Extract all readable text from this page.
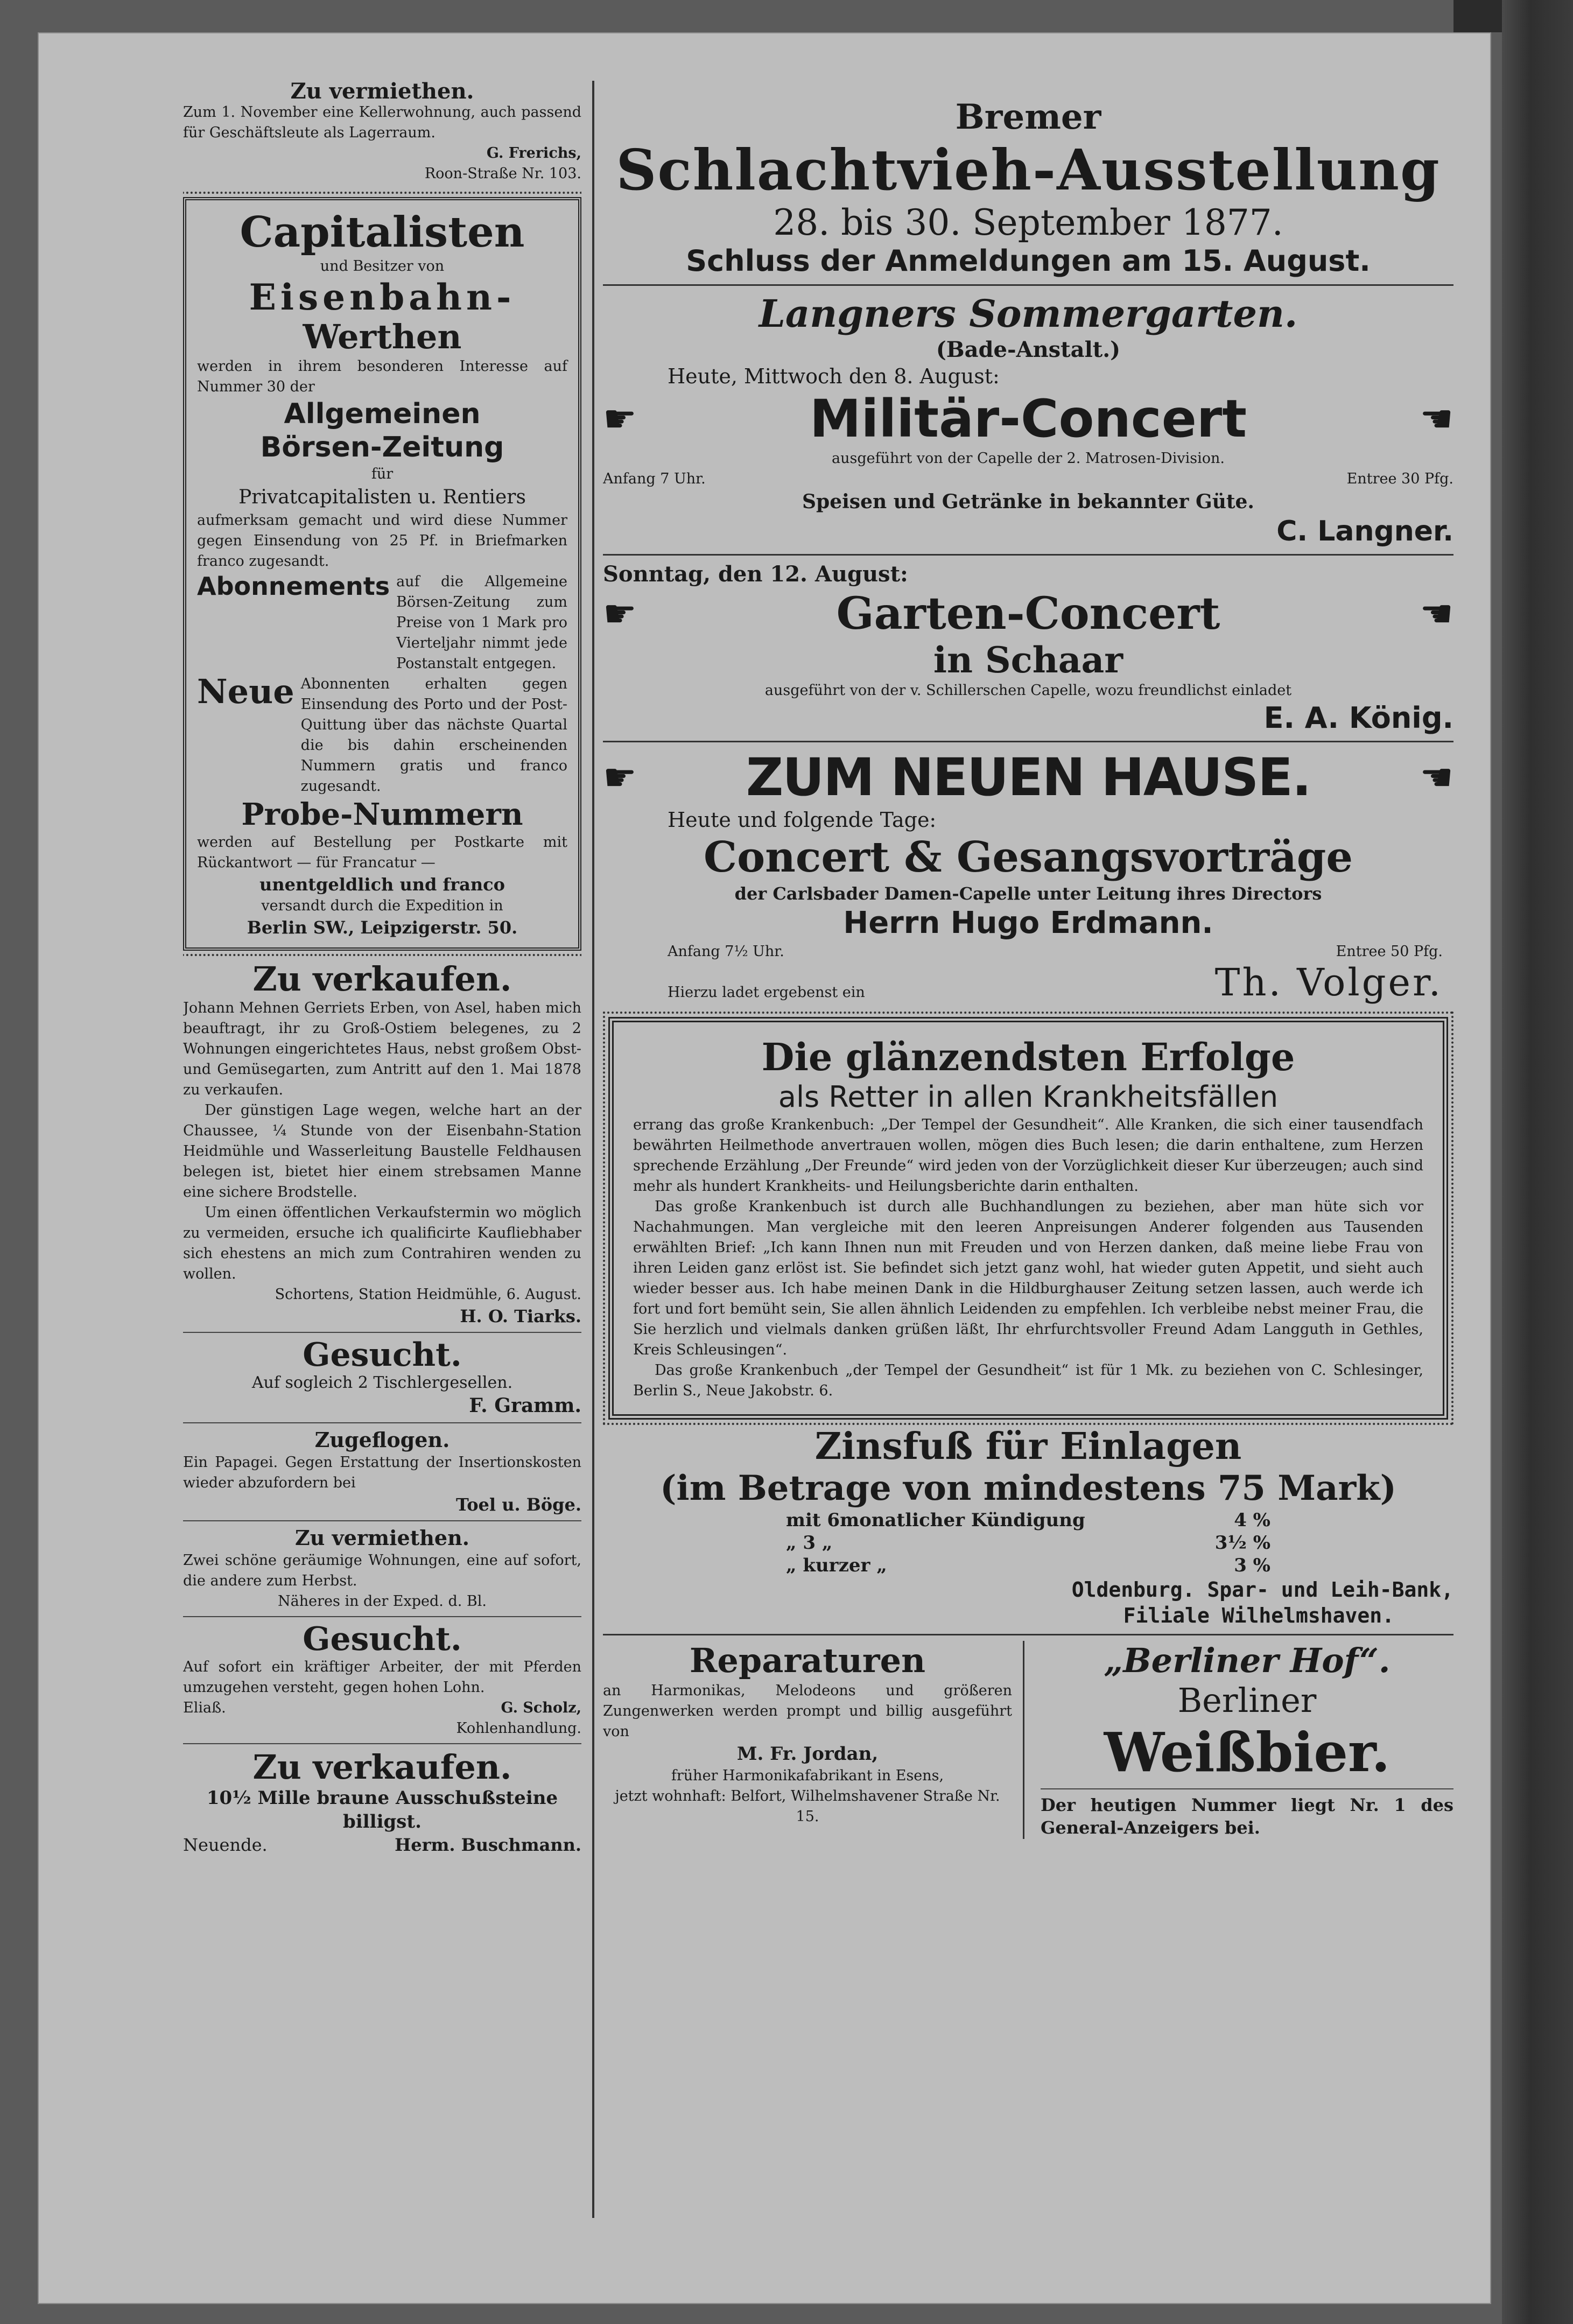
Zu vermiethen.
Zum 1. November eine Kellerwohnung, auch passend für Geschäftsleute als Lagerraum.
G. Frerichs,
Roon-Straße Nr. 103.
Capitalisten
und Besitzer von
Eisenbahn-
Werthen
werden in ihrem besonderen Interesse auf Nummer 30 der
Allgemeinen
Börsen-Zeitung
für
Privatcapitalisten u. Rentiers
aufmerksam gemacht und wird diese Nummer gegen Einsendung von 25 Pf. in Briefmarken franco zugesandt.
Abonnements auf die Allgemeine Börsen-Zeitung zum Preise von 1 Mark pro Vierteljahr nimmt jede Postanstalt entgegen.
Neue Abonnenten erhalten gegen Einsendung des Porto und der Post-Quittung über das nächste Quartal die bis dahin erscheinenden Nummern gratis und franco zugesandt.
Probe-Nummern
werden auf Bestellung per Postkarte mit Rückantwort — für Francatur —
unentgeldlich und franco
versandt durch die Expedition in
Berlin SW., Leipzigerstr. 50.
Zu verkaufen.
Johann Mehnen Gerriets Erben, von Asel, haben mich beauftragt, ihr zu Groß-Ostiem belegenes, zu 2 Wohnungen eingerichtetes Haus, nebst großem Obst- und Gemüsegarten, zum Antritt auf den 1. Mai 1878 zu verkaufen.
Der günstigen Lage wegen, welche hart an der Chaussee, ¼ Stunde von der Eisenbahn-Station Heidmühle und Wasserleitung Baustelle Feldhausen belegen ist, bietet hier einem strebsamen Manne eine sichere Brodstelle.
Um einen öffentlichen Verkaufstermin wo möglich zu vermeiden, ersuche ich qualificirte Kaufliebhaber sich ehestens an mich zum Contrahiren wenden zu wollen.
Schortens, Station Heidmühle, 6. August.
H. O. Tiarks.
Gesucht.
Auf sogleich 2 Tischlergesellen.
F. Gramm.
Zugeflogen.
Ein Papagei. Gegen Erstattung der Insertionskosten wieder abzufordern bei
Toel u. Böge.
Zu vermiethen.
Zwei schöne geräumige Wohnungen, eine auf sofort, die andere zum Herbst.
Näheres in der Exped. d. Bl.
Gesucht.
Auf sofort ein kräftiger Arbeiter, der mit Pferden umzugehen versteht, gegen hohen Lohn.
Eliaß.	G. Scholz,
Kohlenhandlung.
Zu verkaufen.
10½ Mille braune Ausschußsteine billigst.
Neuende.	Herm. Buschmann.
Bremer
Schlachtvieh-Ausstellung
28. bis 30. September 1877.
Schluss der Anmeldungen am 15. August.
Langners Sommergarten.
(Bade-Anstalt.)
Heute, Mittwoch den 8. August:
☛	Militär-Concert	☚
ausgeführt von der Capelle der 2. Matrosen-Division.
Anfang 7 Uhr.	Entree 30 Pfg.
Speisen und Getränke in bekannter Güte.
C. Langner.
Sonntag, den 12. August:
☛	Garten-Concert	☚
in Schaar
ausgeführt von der v. Schillerschen Capelle, wozu freundlichst einladet
E. A. König.
☛ ZUM NEUEN HAUSE.	☚
Heute und folgende Tage:
Concert & Gesangsvorträge
der Carlsbader Damen-Capelle unter Leitung ihres Directors
Herrn Hugo Erdmann.
Anfang 7½ Uhr.	Entree 50 Pfg.
Hierzu ladet ergebenst ein	Th. Volger.
Die glänzendsten Erfolge
als Retter in allen Krankheitsfällen
errang das große Krankenbuch: „Der Tempel der Gesundheit“. Alle Kranken, die sich einer tausendfach bewährten Heilmethode anvertrauen wollen, mögen dies Buch lesen; die darin enthaltene, zum Herzen sprechende Erzählung „Der Freunde“ wird jeden von der Vorzüglichkeit dieser Kur überzeugen; auch sind mehr als hundert Krankheits- und Heilungsberichte darin enthalten.
Das große Krankenbuch ist durch alle Buchhandlungen zu beziehen, aber man hüte sich vor Nachahmungen. Man vergleiche mit den leeren Anpreisungen Anderer folgenden aus Tausenden erwählten Brief: „Ich kann Ihnen nun mit Freuden und von Herzen danken, daß meine liebe Frau von ihren Leiden ganz erlöst ist. Sie befindet sich jetzt ganz wohl, hat wieder guten Appetit, und sieht auch wieder besser aus. Ich habe meinen Dank in die Hildburghauser Zeitung setzen lassen, auch werde ich fort und fort bemüht sein, Sie allen ähnlich Leidenden zu empfehlen. Ich verbleibe nebst meiner Frau, die Sie herzlich und vielmals danken grüßen läßt, Ihr ehrfurchtsvoller Freund Adam Langguth in Gethles, Kreis Schleusingen“.
Das große Krankenbuch „der Tempel der Gesundheit“ ist für 1 Mk. zu beziehen von C. Schlesinger, Berlin S., Neue Jakobstr. 6.
Zinsfuß für Einlagen
(im Betrage von mindestens 75 Mark)
mit 6monatlicher Kündigung	4 %
„ 3 „	3½ %
„ kurzer „	3 %
Oldenburg. Spar- und Leih-Bank,
Filiale Wilhelmshaven.
Reparaturen
an Harmonikas, Melodeons und größeren Zungenwerken werden prompt und billig ausgeführt von
M. Fr. Jordan,
früher Harmonikafabrikant in Esens,
jetzt wohnhaft: Belfort, Wilhelmshavener Straße Nr. 15.
„Berliner Hof“.
Berliner
Weißbier.
Der heutigen Nummer liegt Nr. 1 des General-Anzeigers bei.
